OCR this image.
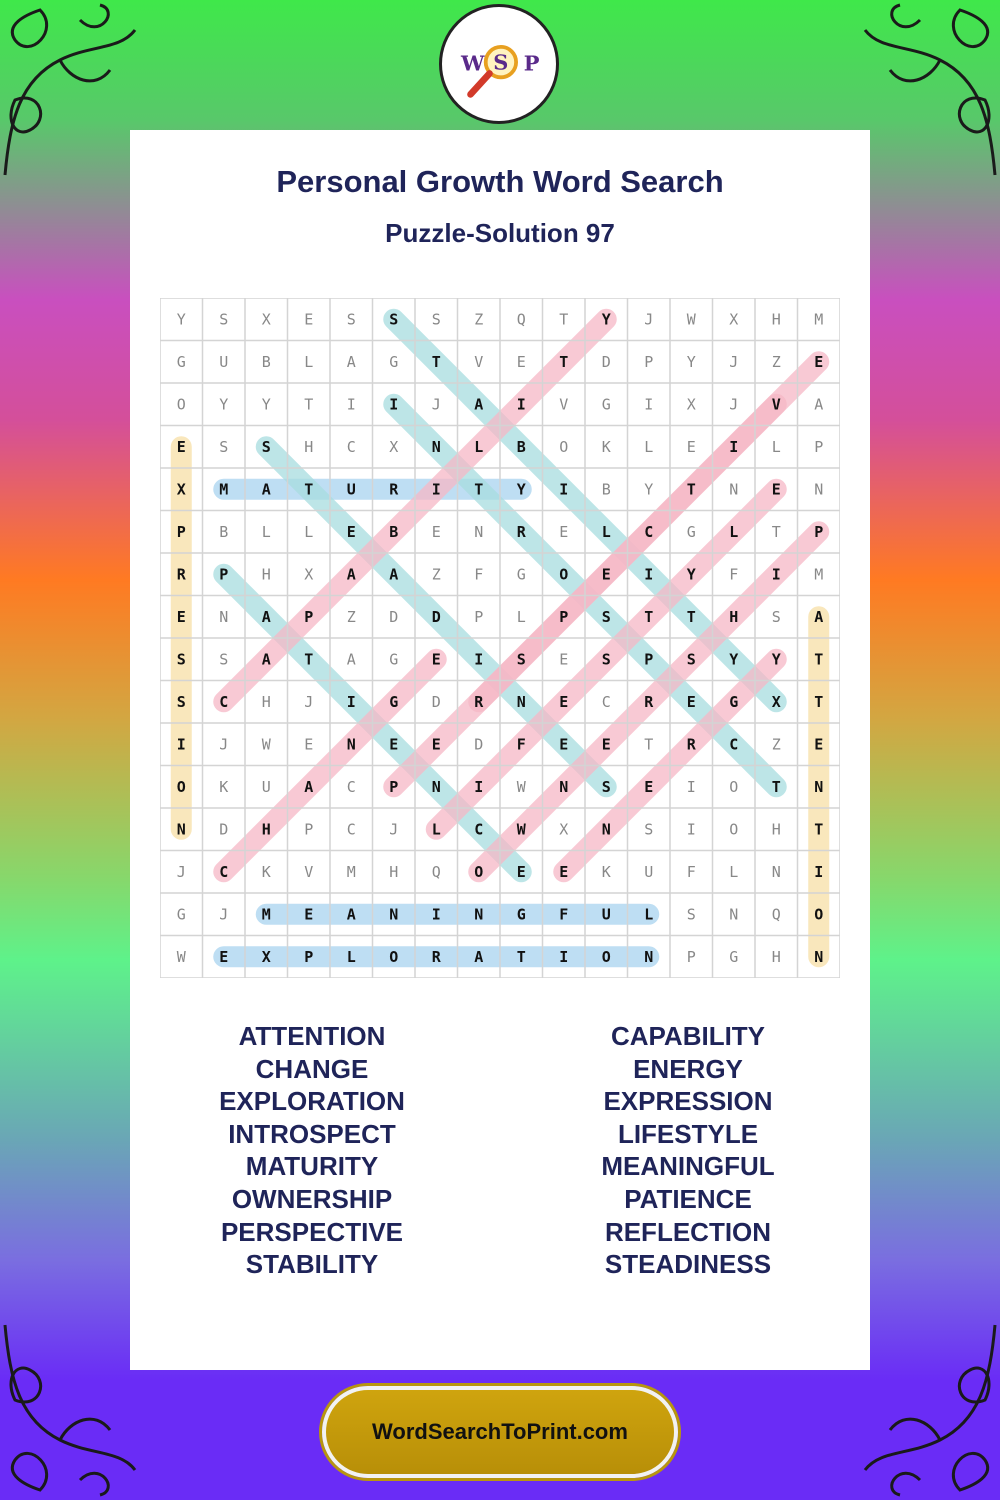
W S P
Personal Growth Word Search
Puzzle-Solution 97
Y S X E S S S Z Q T Y J W X H M
G U B L A G T V E T D P Y J Z E
O Y Y T I I J A I V G I X J V A
E S S H C X N L B O K L E I L P
X M A T U R I T Y I B Y T N E N
P B L L E B E N R E L C G L T P
R P H X A A Z F G O E I Y F I M
E N A P Z D D P L P S T T H S A
S S A T A G E I S E S P S Y Y T
S C H J I G D R N E C R E G X T
I J W E N E E D F E E T R C Z E
O K U A C P N I W N S E I O T N
N D H P C J L C W X N S I O H T
J C K V M H Q O E E K U F L N I
G J M E A N I N G F U L S N Q O
W E X P L O R A T I O N P G H N
ATTENTION
CHANGE
EXPLORATION
INTROSPECT
MATURITY
OWNERSHIP
PERSPECTIVE
STABILITY
CAPABILITY
ENERGY
EXPRESSION
LIFESTYLE
MEANINGFUL
PATIENCE
REFLECTION
STEADINESS
WordSearchToPrint.com
